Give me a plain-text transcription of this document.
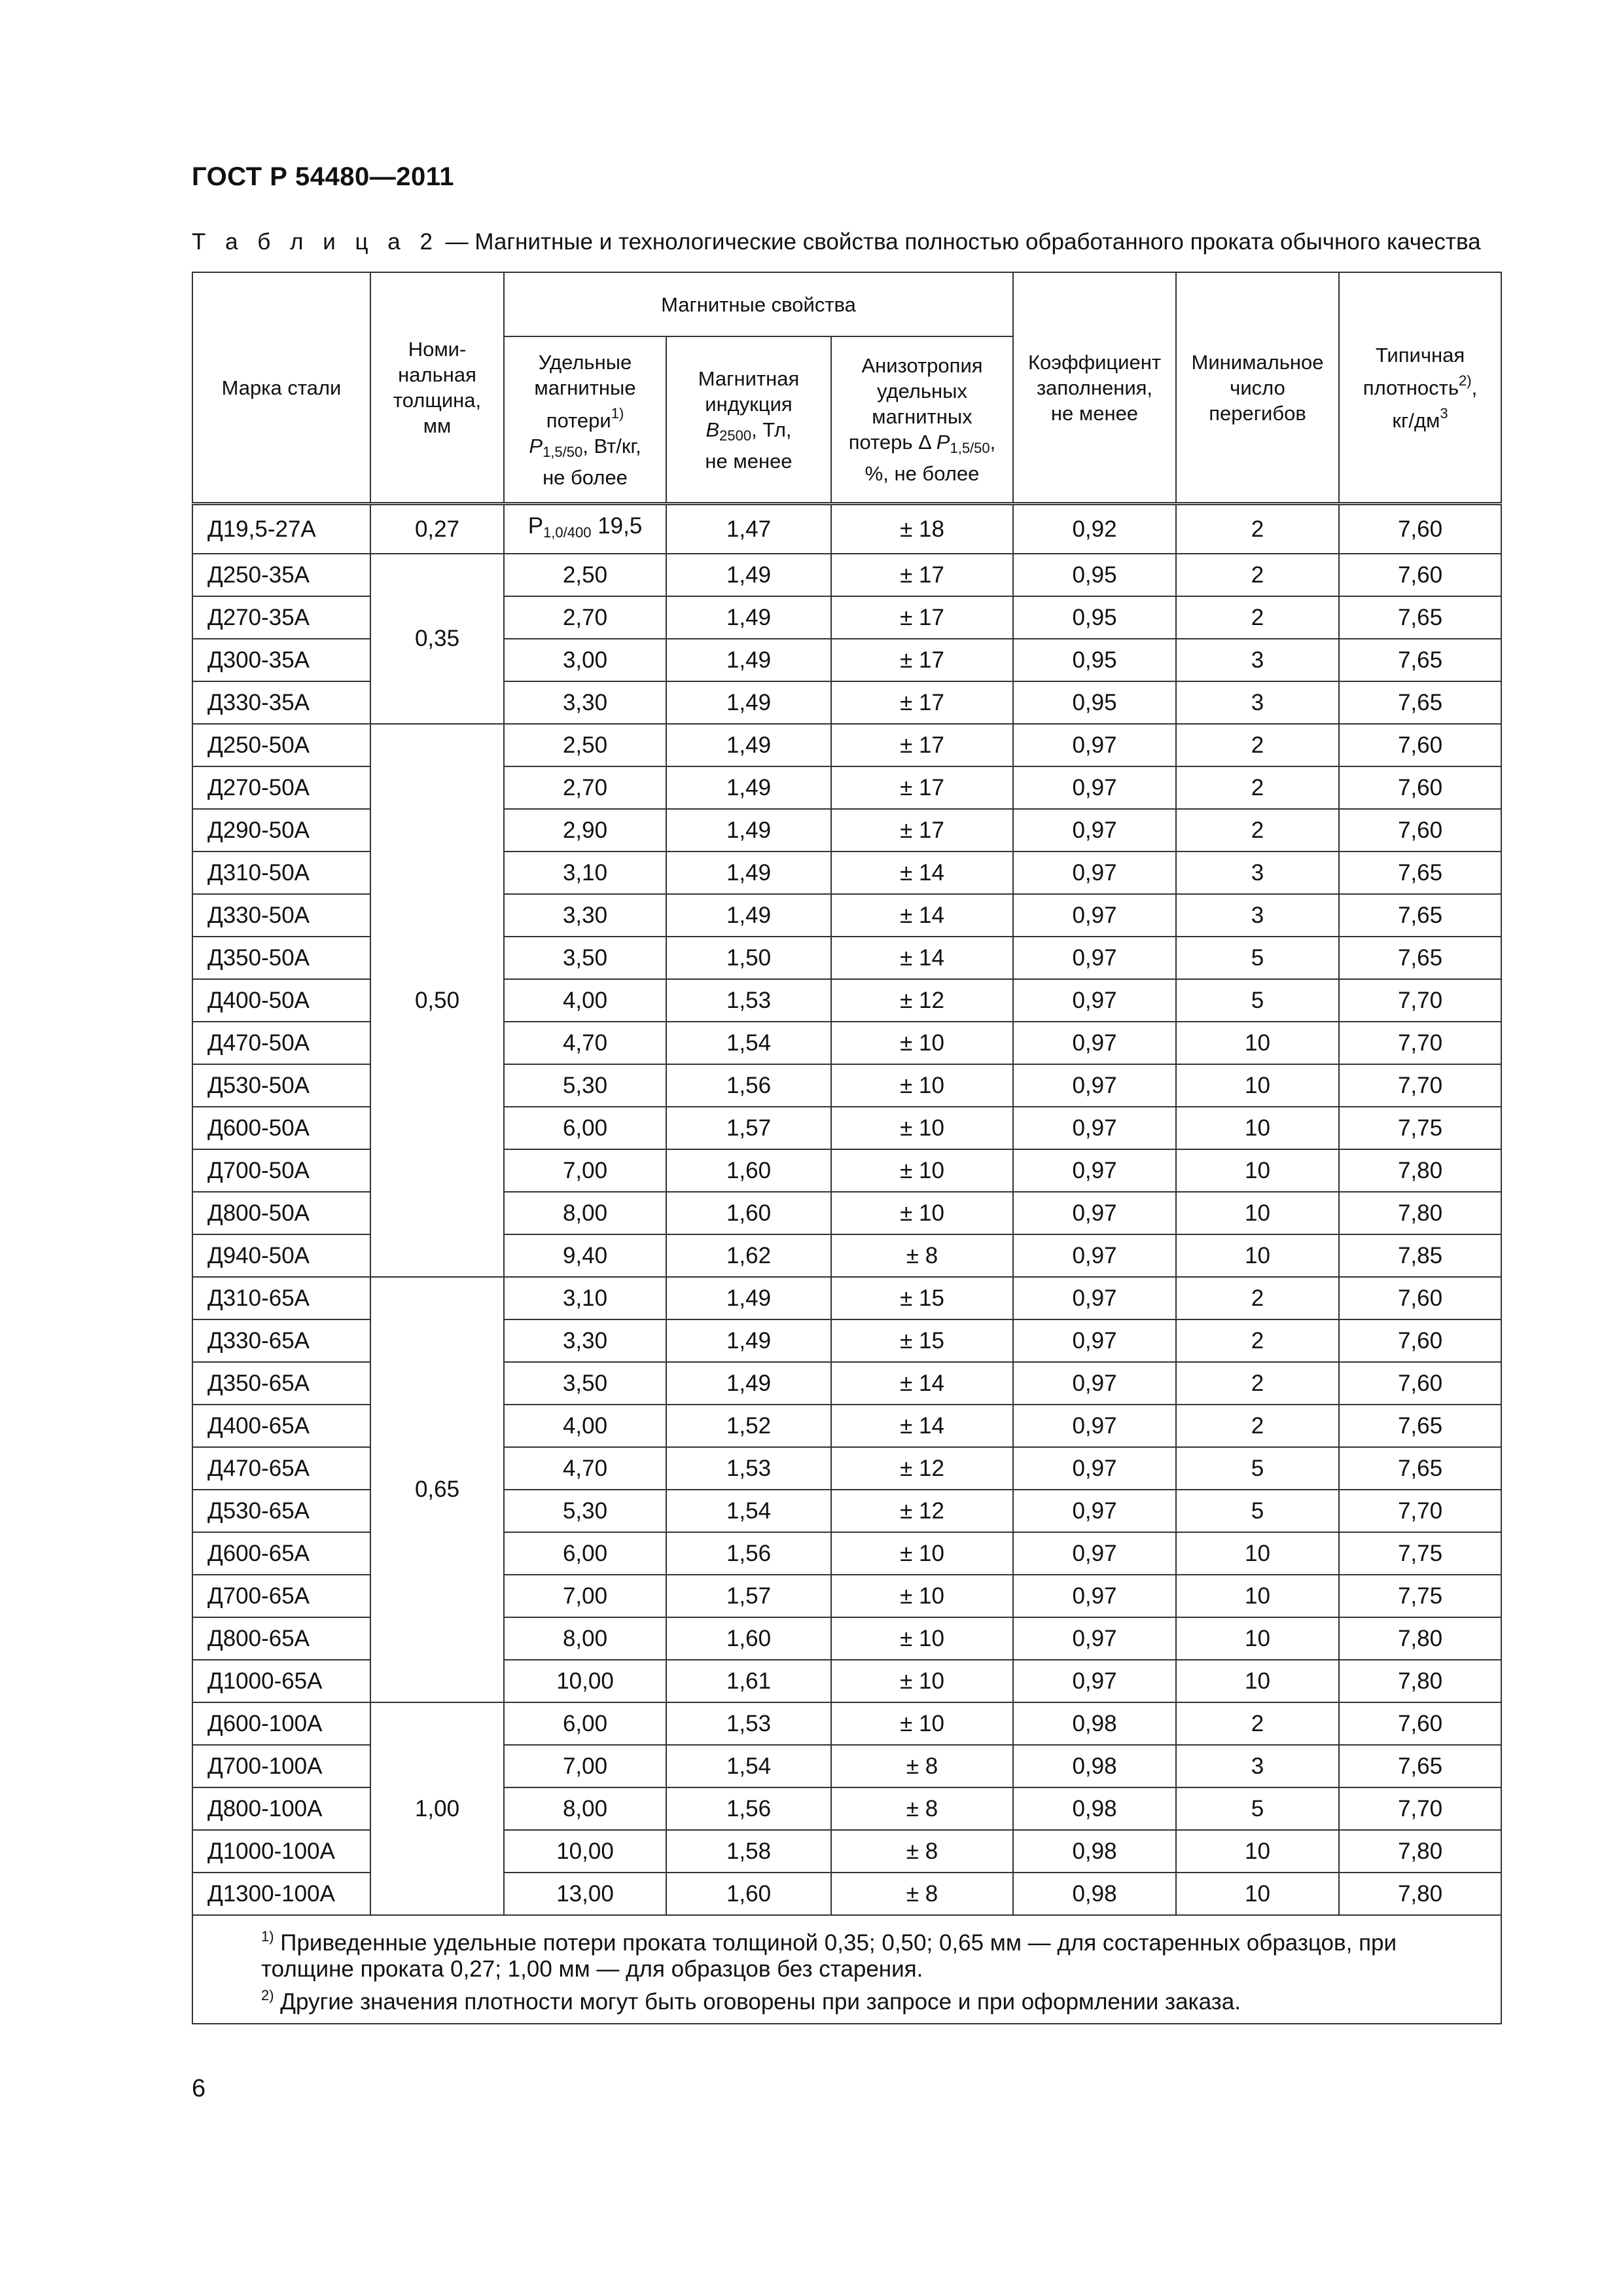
ГОСТ Р 54480—2011
Т а б л и ц а 2 — Магнитные и технологические свойства полностью обработанного проката обычного качества
Марка стали	Номи-
нальная
толщина,
мм	Магнитные свойства			Коэффициент
заполнения,
не менее	Минимальное
число
перегибов	Типичная
плотность$^{2)}$,
$кг/дм^3$
		Удельные
магнитные
потери$^{1)}$
$P_{1,5/50}$, Вт/кг,
не более	Магнитная
индукция
$B_{2500}$, Тл,
не менее	Анизотропия
удельных
магнитных
потерь Δ $P_{1,5/50}$,
%, не более			
Д19,5-27А	0,27	$P_{1,0/400}$ 19,5	1,47	± 18	0,92	2	7,60
Д250-35А	0,35	2,50	1,49	± 17	0,95	2	7,60
Д270-35А		2,70	1,49	± 17	0,95	2	7,65
Д300-35А		3,00	1,49	± 17	0,95	3	7,65
Д330-35А		3,30	1,49	± 17	0,95	3	7,65
Д250-50А	0,50	2,50	1,49	± 17	0,97	2	7,60
Д270-50А		2,70	1,49	± 17	0,97	2	7,60
Д290-50А		2,90	1,49	± 17	0,97	2	7,60
Д310-50А		3,10	1,49	± 14	0,97	3	7,65
Д330-50А		3,30	1,49	± 14	0,97	3	7,65
Д350-50А		3,50	1,50	± 14	0,97	5	7,65
Д400-50А		4,00	1,53	± 12	0,97	5	7,70
Д470-50А		4,70	1,54	± 10	0,97	10	7,70
Д530-50А		5,30	1,56	± 10	0,97	10	7,70
Д600-50А		6,00	1,57	± 10	0,97	10	7,75
Д700-50А		7,00	1,60	± 10	0,97	10	7,80
Д800-50А		8,00	1,60	± 10	0,97	10	7,80
Д940-50А		9,40	1,62	± 8	0,97	10	7,85
Д310-65А	0,65	3,10	1,49	± 15	0,97	2	7,60
Д330-65А		3,30	1,49	± 15	0,97	2	7,60
Д350-65А		3,50	1,49	± 14	0,97	2	7,60
Д400-65А		4,00	1,52	± 14	0,97	2	7,65
Д470-65А		4,70	1,53	± 12	0,97	5	7,65
Д530-65А		5,30	1,54	± 12	0,97	5	7,70
Д600-65А		6,00	1,56	± 10	0,97	10	7,75
Д700-65А		7,00	1,57	± 10	0,97	10	7,75
Д800-65А		8,00	1,60	± 10	0,97	10	7,80
Д1000-65А		10,00	1,61	± 10	0,97	10	7,80
Д600-100А	1,00	6,00	1,53	± 10	0,98	2	7,60
Д700-100А		7,00	1,54	± 8	0,98	3	7,65
Д800-100А		8,00	1,56	± 8	0,98	5	7,70
Д1000-100А		10,00	1,58	± 8	0,98	10	7,80
Д1300-100А		13,00	1,60	± 8	0,98	10	7,80

$^{1)}$ Приведенные удельные потери проката толщиной 0,35; 0,50; 0,65 мм — для состаренных образцов, при толщине проката 0,27; 1,00 мм — для образцов без старения.
$^{2)}$ Другие значения плотности могут быть оговорены при запросе и при оформлении заказа.							
6
